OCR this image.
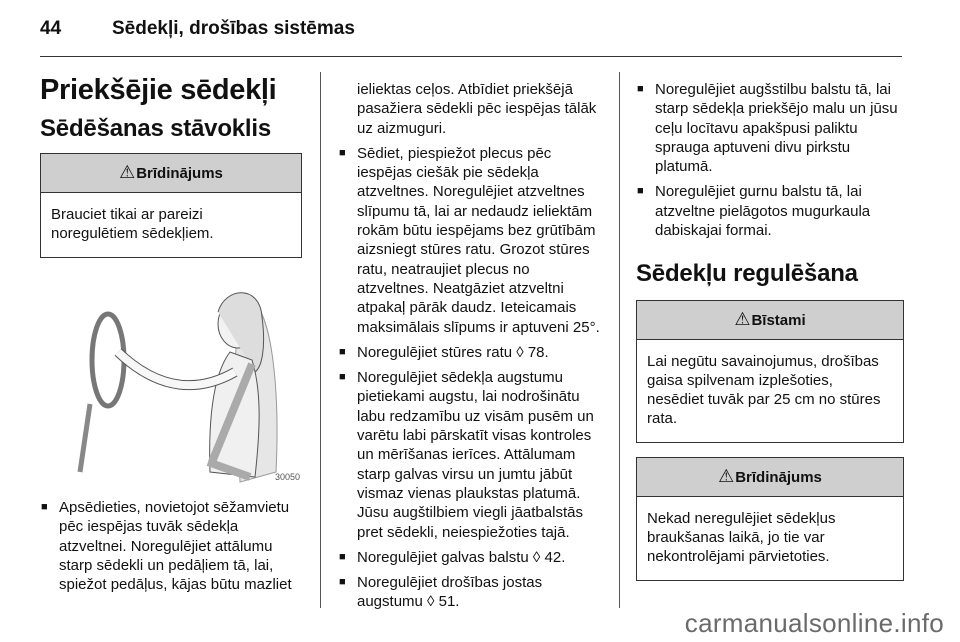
44	Sēdekļi, drošības sistēmas
Priekšējie sēdekļi
Sēdēšanas stāvoklis
⚠Brīdinājums
Brauciet tikai ar pareizi noregulētiem sēdekļiem.
30050
■ Apsēdieties, novietojot sēžamvietu pēc iespējas tuvāk sēdekļa atzveltnei. Noregulējiet attālumu starp sēdekli un pedāļiem tā, lai, spiežot pedāļus, kājas būtu mazliet

ieliektas ceļos. Atbīdiet priekšējā pasažiera sēdekli pēc iespējas tālāk uz aizmuguri.

■ Sēdiet, piespiežot plecus pēc iespējas ciešāk pie sēdekļa atzveltnes. Noregulējiet atzveltnes slīpumu tā, lai ar nedaudz ieliektām rokām būtu iespējams bez grūtībām aizsniegt stūres ratu. Grozot stūres ratu, neatraujiet plecus no atzveltnes. Neatgāziet atzveltni atpakaļ pārāk daudz. Ieteicamais maksimālais slīpums ir aptuveni 25°.
■ Noregulējiet stūres ratu ◊ 78.
■ Noregulējiet sēdekļa augstumu pietiekami augstu, lai nodrošinātu labu redzamību uz visām pusēm un varētu labi pārskatīt visas kontroles un mērīšanas ierīces. Attālumam starp galvas virsu un jumtu jābūt vismaz vienas plaukstas platumā. Jūsu augštilbiem viegli jāatbalstās pret sēdekli, neiespiežoties tajā.
■ Noregulējiet galvas balstu ◊ 42.
■ Noregulējiet drošības jostas augstumu ◊ 51.
■ Noregulējiet augšstilbu balstu tā, lai starp sēdekļa priekšējo malu un jūsu ceļu locītavu apakšpusi paliktu sprauga aptuveni divu pirkstu platumā.
■ Noregulējiet gurnu balstu tā, lai atzveltne pielāgotos mugurkaula dabiskajai formai.
Sēdekļu regulēšana
⚠Bīstami
Lai negūtu savainojumus, drošības gaisa spilvenam izplešoties, nesēdiet tuvāk par 25 cm no stūres rata.
⚠Brīdinājums
Nekad neregulējiet sēdekļus braukšanas laikā, jo tie var nekontrolējami pārvietoties.
carmanualsonline.info
